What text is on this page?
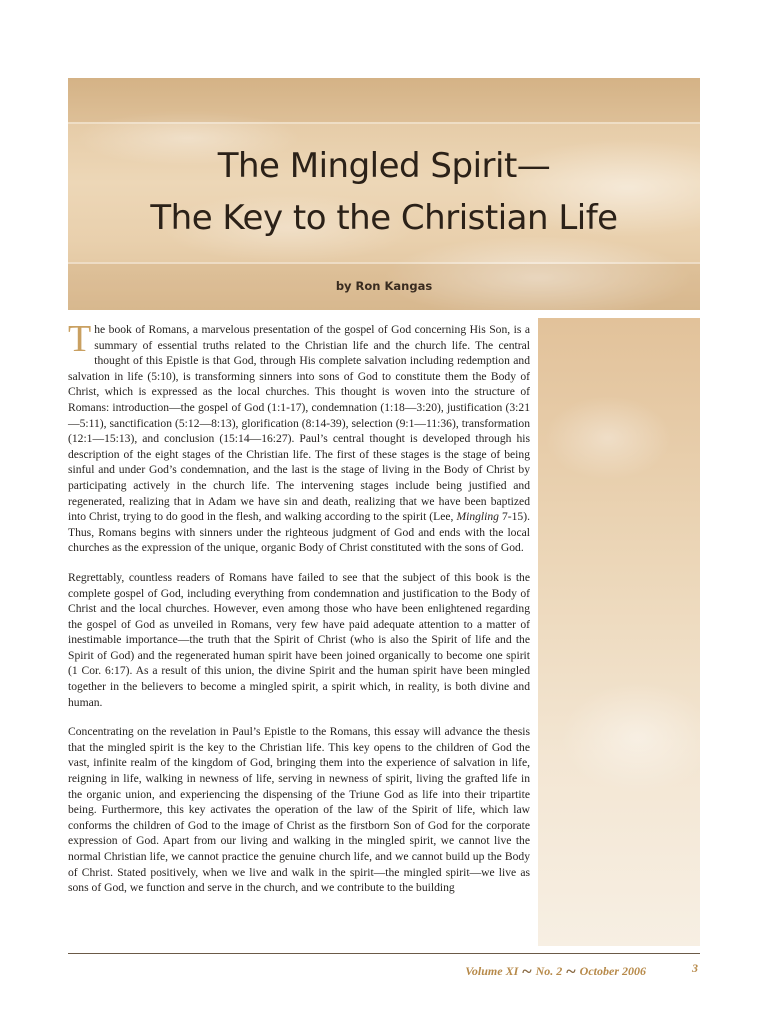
The Mingled Spirit—
The Key to the Christian Life
by Ron Kangas

The book of Romans, a marvelous presentation of the gospel of God concerning His Son, is a summary of essential truths related to the Christian life and the church life. The central thought of this Epistle is that God, through His complete salvation including redemption and salvation in life (5:10), is transforming sinners into sons of God to constitute them the Body of Christ, which is expressed as the local churches. This thought is woven into the structure of Romans: introduction—the gospel of God (1:1-17), condemnation (1:18—3:20), justification (3:21—5:11), sanctification (5:12—8:13), glorification (8:14-39), selection (9:1—11:36), transformation (12:1—15:13), and conclusion (15:14—16:27). Paul’s central thought is developed through his description of the eight stages of the Christian life. The first of these stages is the stage of being sinful and under God’s condemnation, and the last is the stage of living in the Body of Christ by participating actively in the church life. The intervening stages include being justified and regenerated, realizing that in Adam we have sin and death, realizing that we have been baptized into Christ, trying to do good in the flesh, and walking according to the spirit (Lee, Mingling 7-15). Thus, Romans begins with sinners under the righteous judgment of God and ends with the local churches as the expression of the unique, organic Body of Christ constituted with the sons of God.

Regrettably, countless readers of Romans have failed to see that the subject of this book is the complete gospel of God, including everything from condemnation and justification to the Body of Christ and the local churches. However, even among those who have been enlightened regarding the gospel of God as unveiled in Romans, very few have paid adequate attention to a matter of inestimable importance—the truth that the Spirit of Christ (who is also the Spirit of life and the Spirit of God) and the regenerated human spirit have been joined organically to become one spirit (1 Cor. 6:17). As a result of this union, the divine Spirit and the human spirit have been mingled together in the believers to become a mingled spirit, a spirit which, in reality, is both divine and human.

Concentrating on the revelation in Paul’s Epistle to the Romans, this essay will advance the thesis that the mingled spirit is the key to the Christian life. This key opens to the children of God the vast, infinite realm of the kingdom of God, bringing them into the experience of salvation in life, reigning in life, walking in newness of life, serving in newness of spirit, living the grafted life in the organic union, and experiencing the dispensing of the Triune God as life into their tripartite being. Furthermore, this key activates the operation of the law of the Spirit of life, which law conforms the children of God to the image of Christ as the firstborn Son of God for the corporate expression of God. Apart from our living and walking in the mingled spirit, we cannot live the normal Christian life, we cannot practice the genuine church life, and we cannot build up the Body of Christ. Stated positively, when we live and walk in the spirit—the mingled spirit—we live as sons of God, we function and serve in the church, and we contribute to the building

Volume XI ~ No. 2 ~ October 2006	3
